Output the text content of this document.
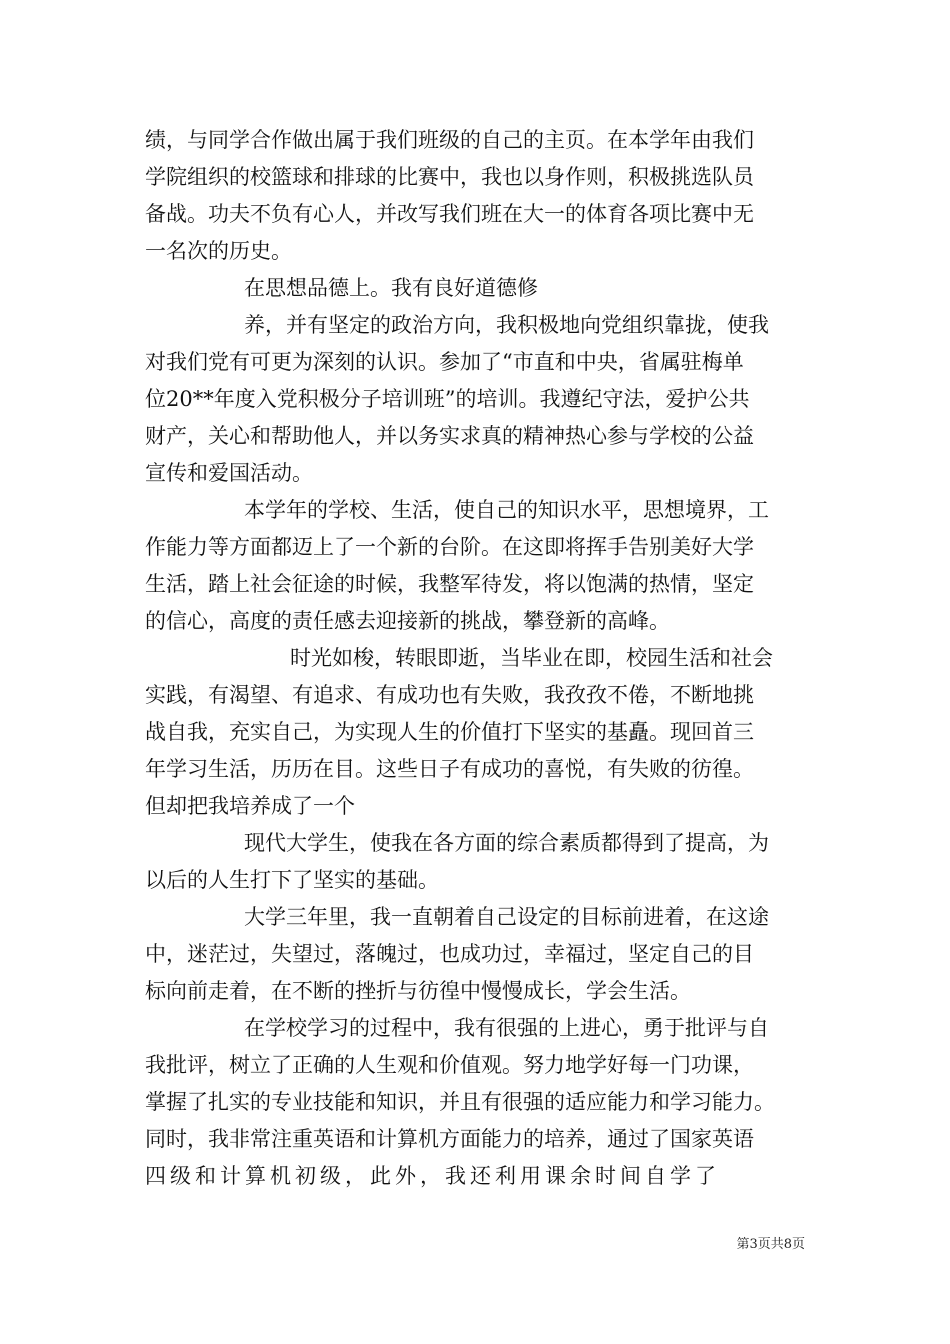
绩，与同学合作做出属于我们班级的自己的主页。在本学年由我们
学院组织的校篮球和排球的比赛中，我也以身作则，积极挑选队员
备战。功夫不负有心人，并改写我们班在大一的体育各项比赛中无
一名次的历史。
在思想品德上。我有良好道德修
养，并有坚定的政治方向，我积极地向党组织靠拢，使我
对我们党有可更为深刻的认识。参加了“市直和中央，省属驻梅单
位20**年度入党积极分子培训班”的培训。我遵纪守法，爱护公共
财产，关心和帮助他人，并以务实求真的精神热心参与学校的公益
宣传和爱国活动。
本学年的学校、生活，使自己的知识水平，思想境界，工
作能力等方面都迈上了一个新的台阶。在这即将挥手告别美好大学
生活，踏上社会征途的时候，我整军待发，将以饱满的热情，坚定
的信心，高度的责任感去迎接新的挑战，攀登新的高峰。
时光如梭，转眼即逝，当毕业在即，校园生活和社会
实践，有渴望、有追求、有成功也有失败，我孜孜不倦，不断地挑
战自我，充实自己，为实现人生的价值打下坚实的基矗。现回首三
年学习生活，历历在目。这些日子有成功的喜悦，有失败的彷徨。
但却把我培养成了一个
现代大学生，使我在各方面的综合素质都得到了提高，为
以后的人生打下了坚实的基础。
大学三年里，我一直朝着自己设定的目标前进着，在这途
中，迷茫过，失望过，落魄过，也成功过，幸福过，坚定自己的目
标向前走着，在不断的挫折与彷徨中慢慢成长，学会生活。
在学校学习的过程中，我有很强的上进心，勇于批评与自
我批评，树立了正确的人生观和价值观。努力地学好每一门功课，
掌握了扎实的专业技能和知识，并且有很强的适应能力和学习能力。
同时，我非常注重英语和计算机方面能力的培养，通过了国家英语
四级和计算机初级，此外，我还利用课余时间自学了
第3页共8页
